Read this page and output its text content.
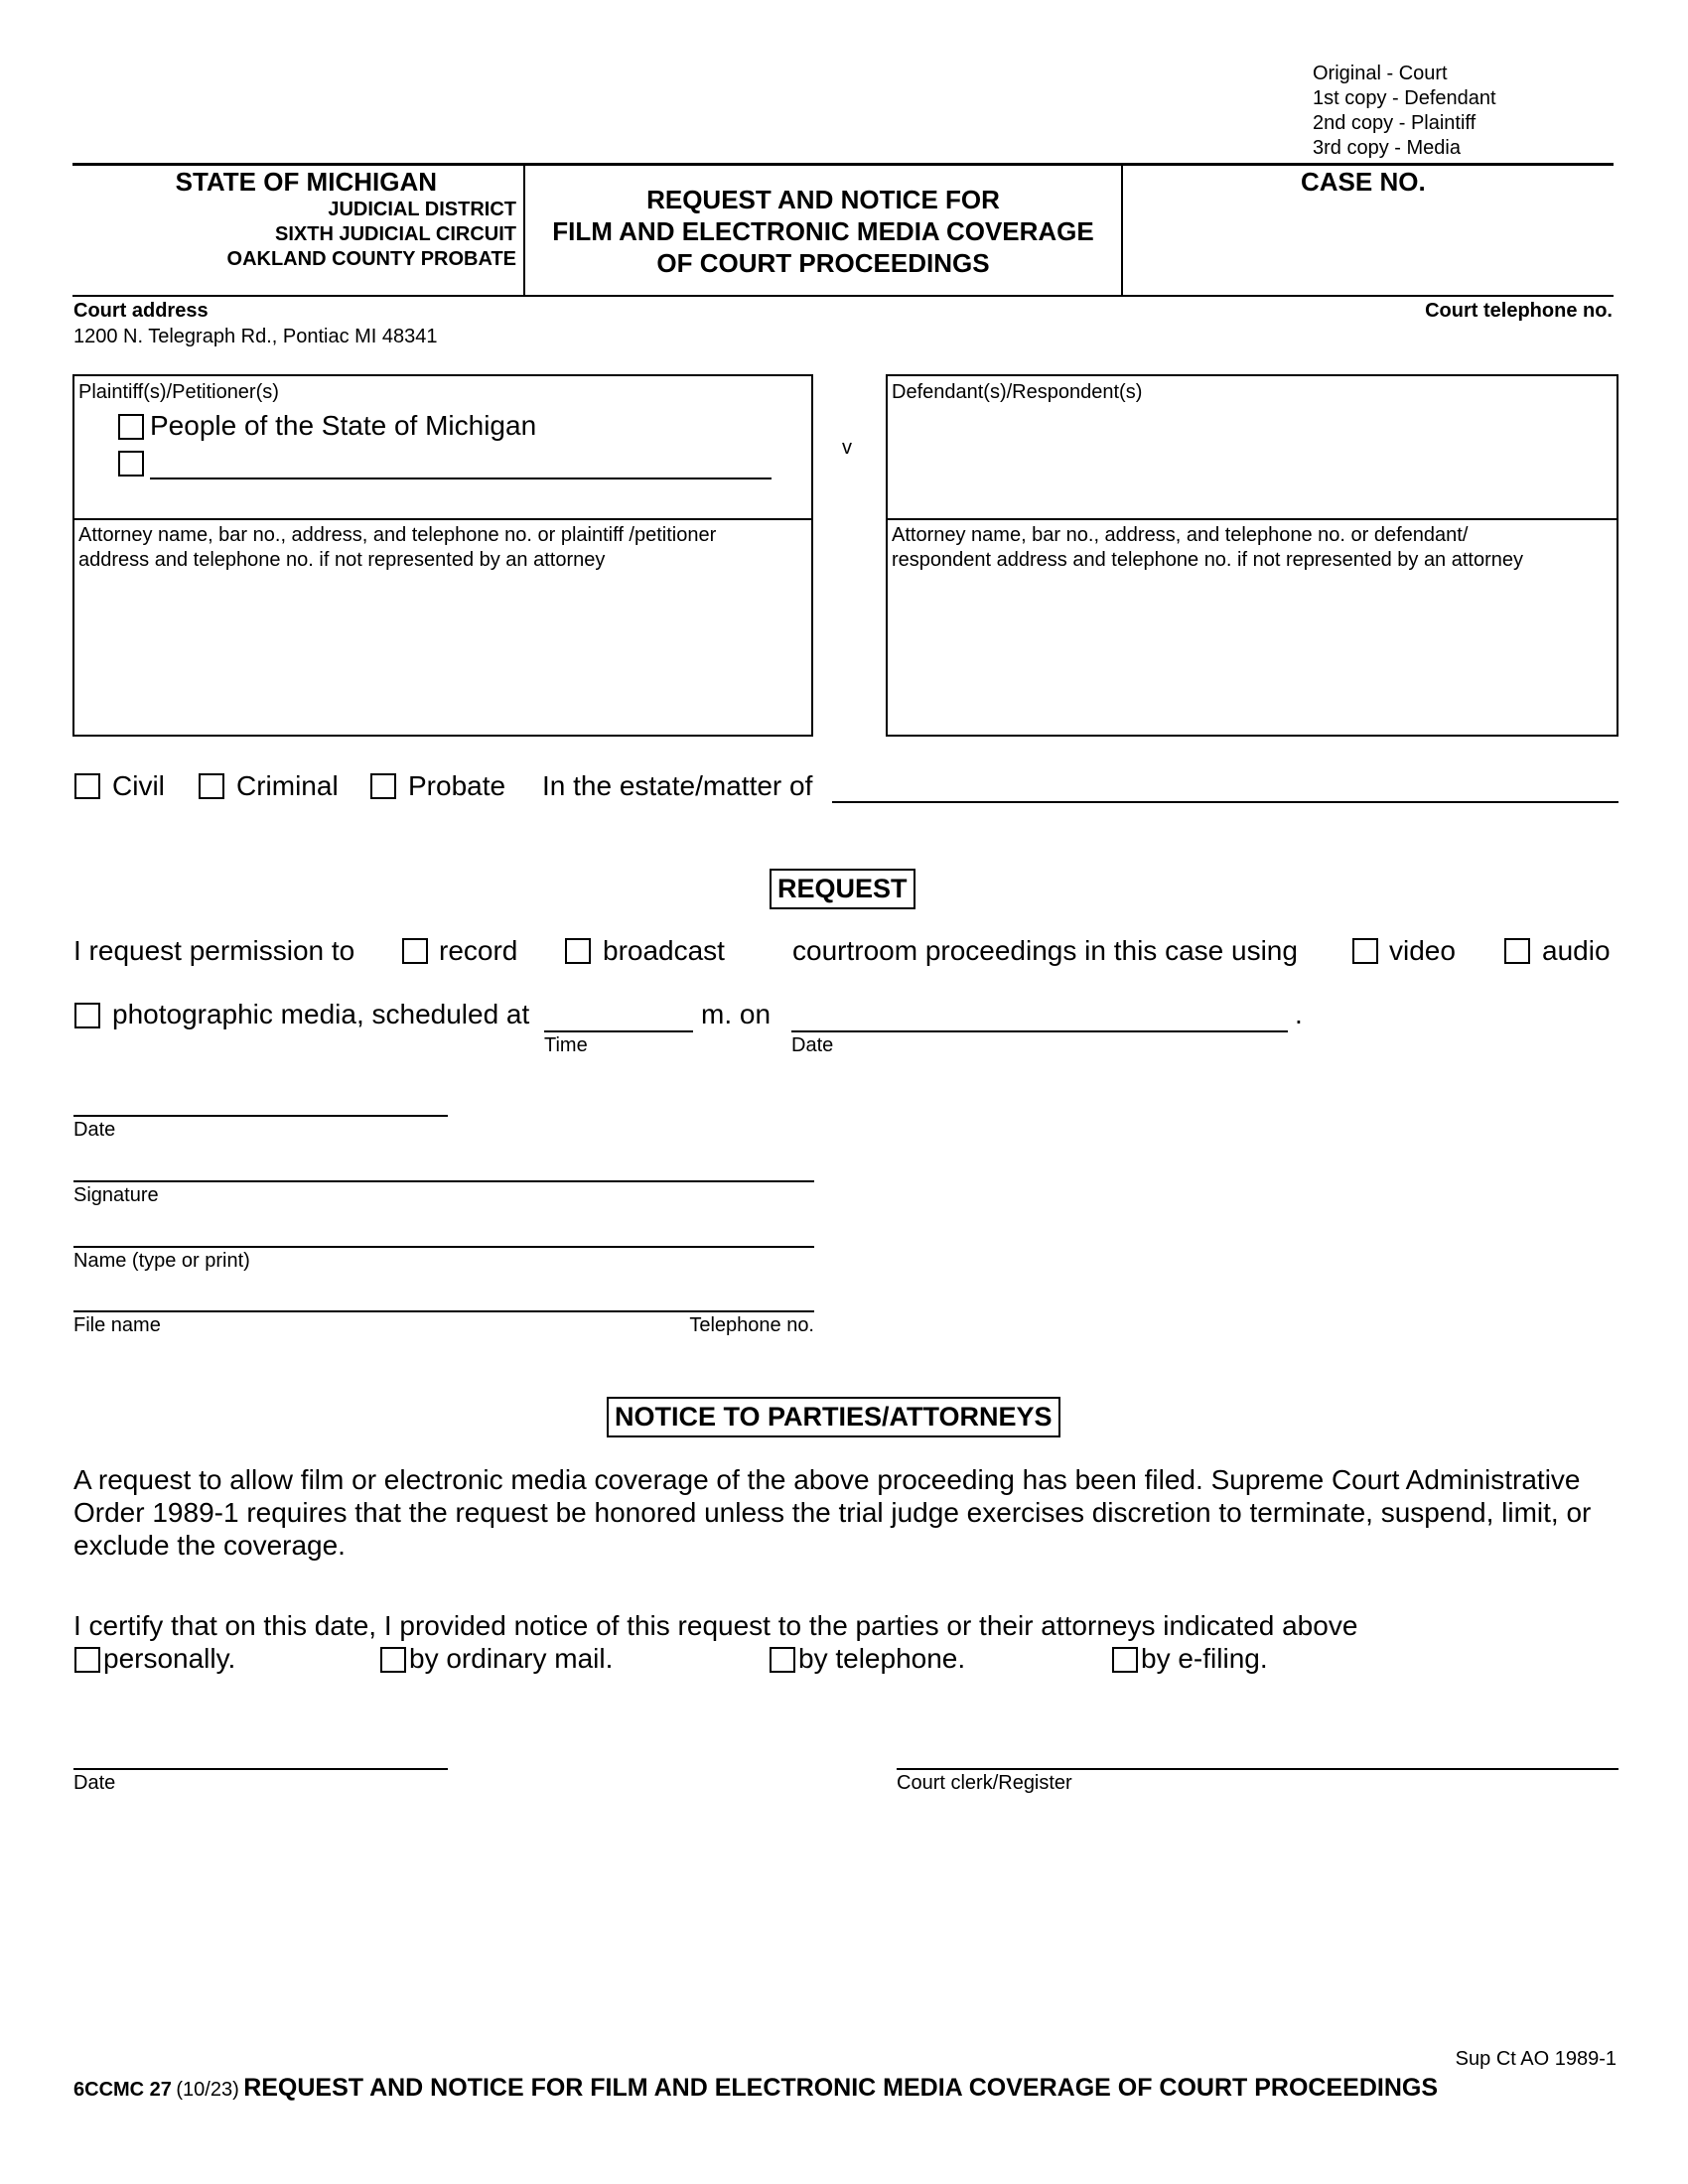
Original - Court
1st copy - Defendant
2nd copy - Plaintiff
3rd copy - Media
STATE OF MICHIGAN
JUDICIAL DISTRICT
SIXTH JUDICIAL CIRCUIT
OAKLAND COUNTY PROBATE
REQUEST AND NOTICE FOR
FILM AND ELECTRONIC MEDIA COVERAGE
OF COURT PROCEEDINGS
CASE NO.
Court address
1200 N. Telegraph Rd., Pontiac MI 48341
Court telephone no.
Plaintiff(s)/Petitioner(s)
People of the State of Michigan
Attorney name, bar no., address, and telephone no. or plaintiff /petitioner
address and telephone no. if not represented by an attorney
v
Defendant(s)/Respondent(s)
Attorney name, bar no., address, and telephone no. or defendant/
respondent address and telephone no. if not represented by an attorney
Civil	Criminal	Probate In the estate/matter of
REQUEST
I request permission to	record	broadcast courtroom proceedings in this case using	video	audio
photographic media, scheduled at	m. on	.
Time	Date
Date
Signature
Name (type or print)
File name	Telephone no.
NOTICE TO PARTIES/ATTORNEYS
A request to allow film or electronic media coverage of the above proceeding has been filed. Supreme Court Administrative
Order 1989-1 requires that the request be honored unless the trial judge exercises discretion to terminate, suspend, limit, or
exclude the coverage.
I certify that on this date, I provided notice of this request to the parties or their attorneys indicated above
personally.	by ordinary mail.	by telephone.	by e-filing.
Date	Court clerk/Register
Sup Ct AO 1989-1
6CCMC 27 (10/23) REQUEST AND NOTICE FOR FILM AND ELECTRONIC MEDIA COVERAGE OF COURT PROCEEDINGS
